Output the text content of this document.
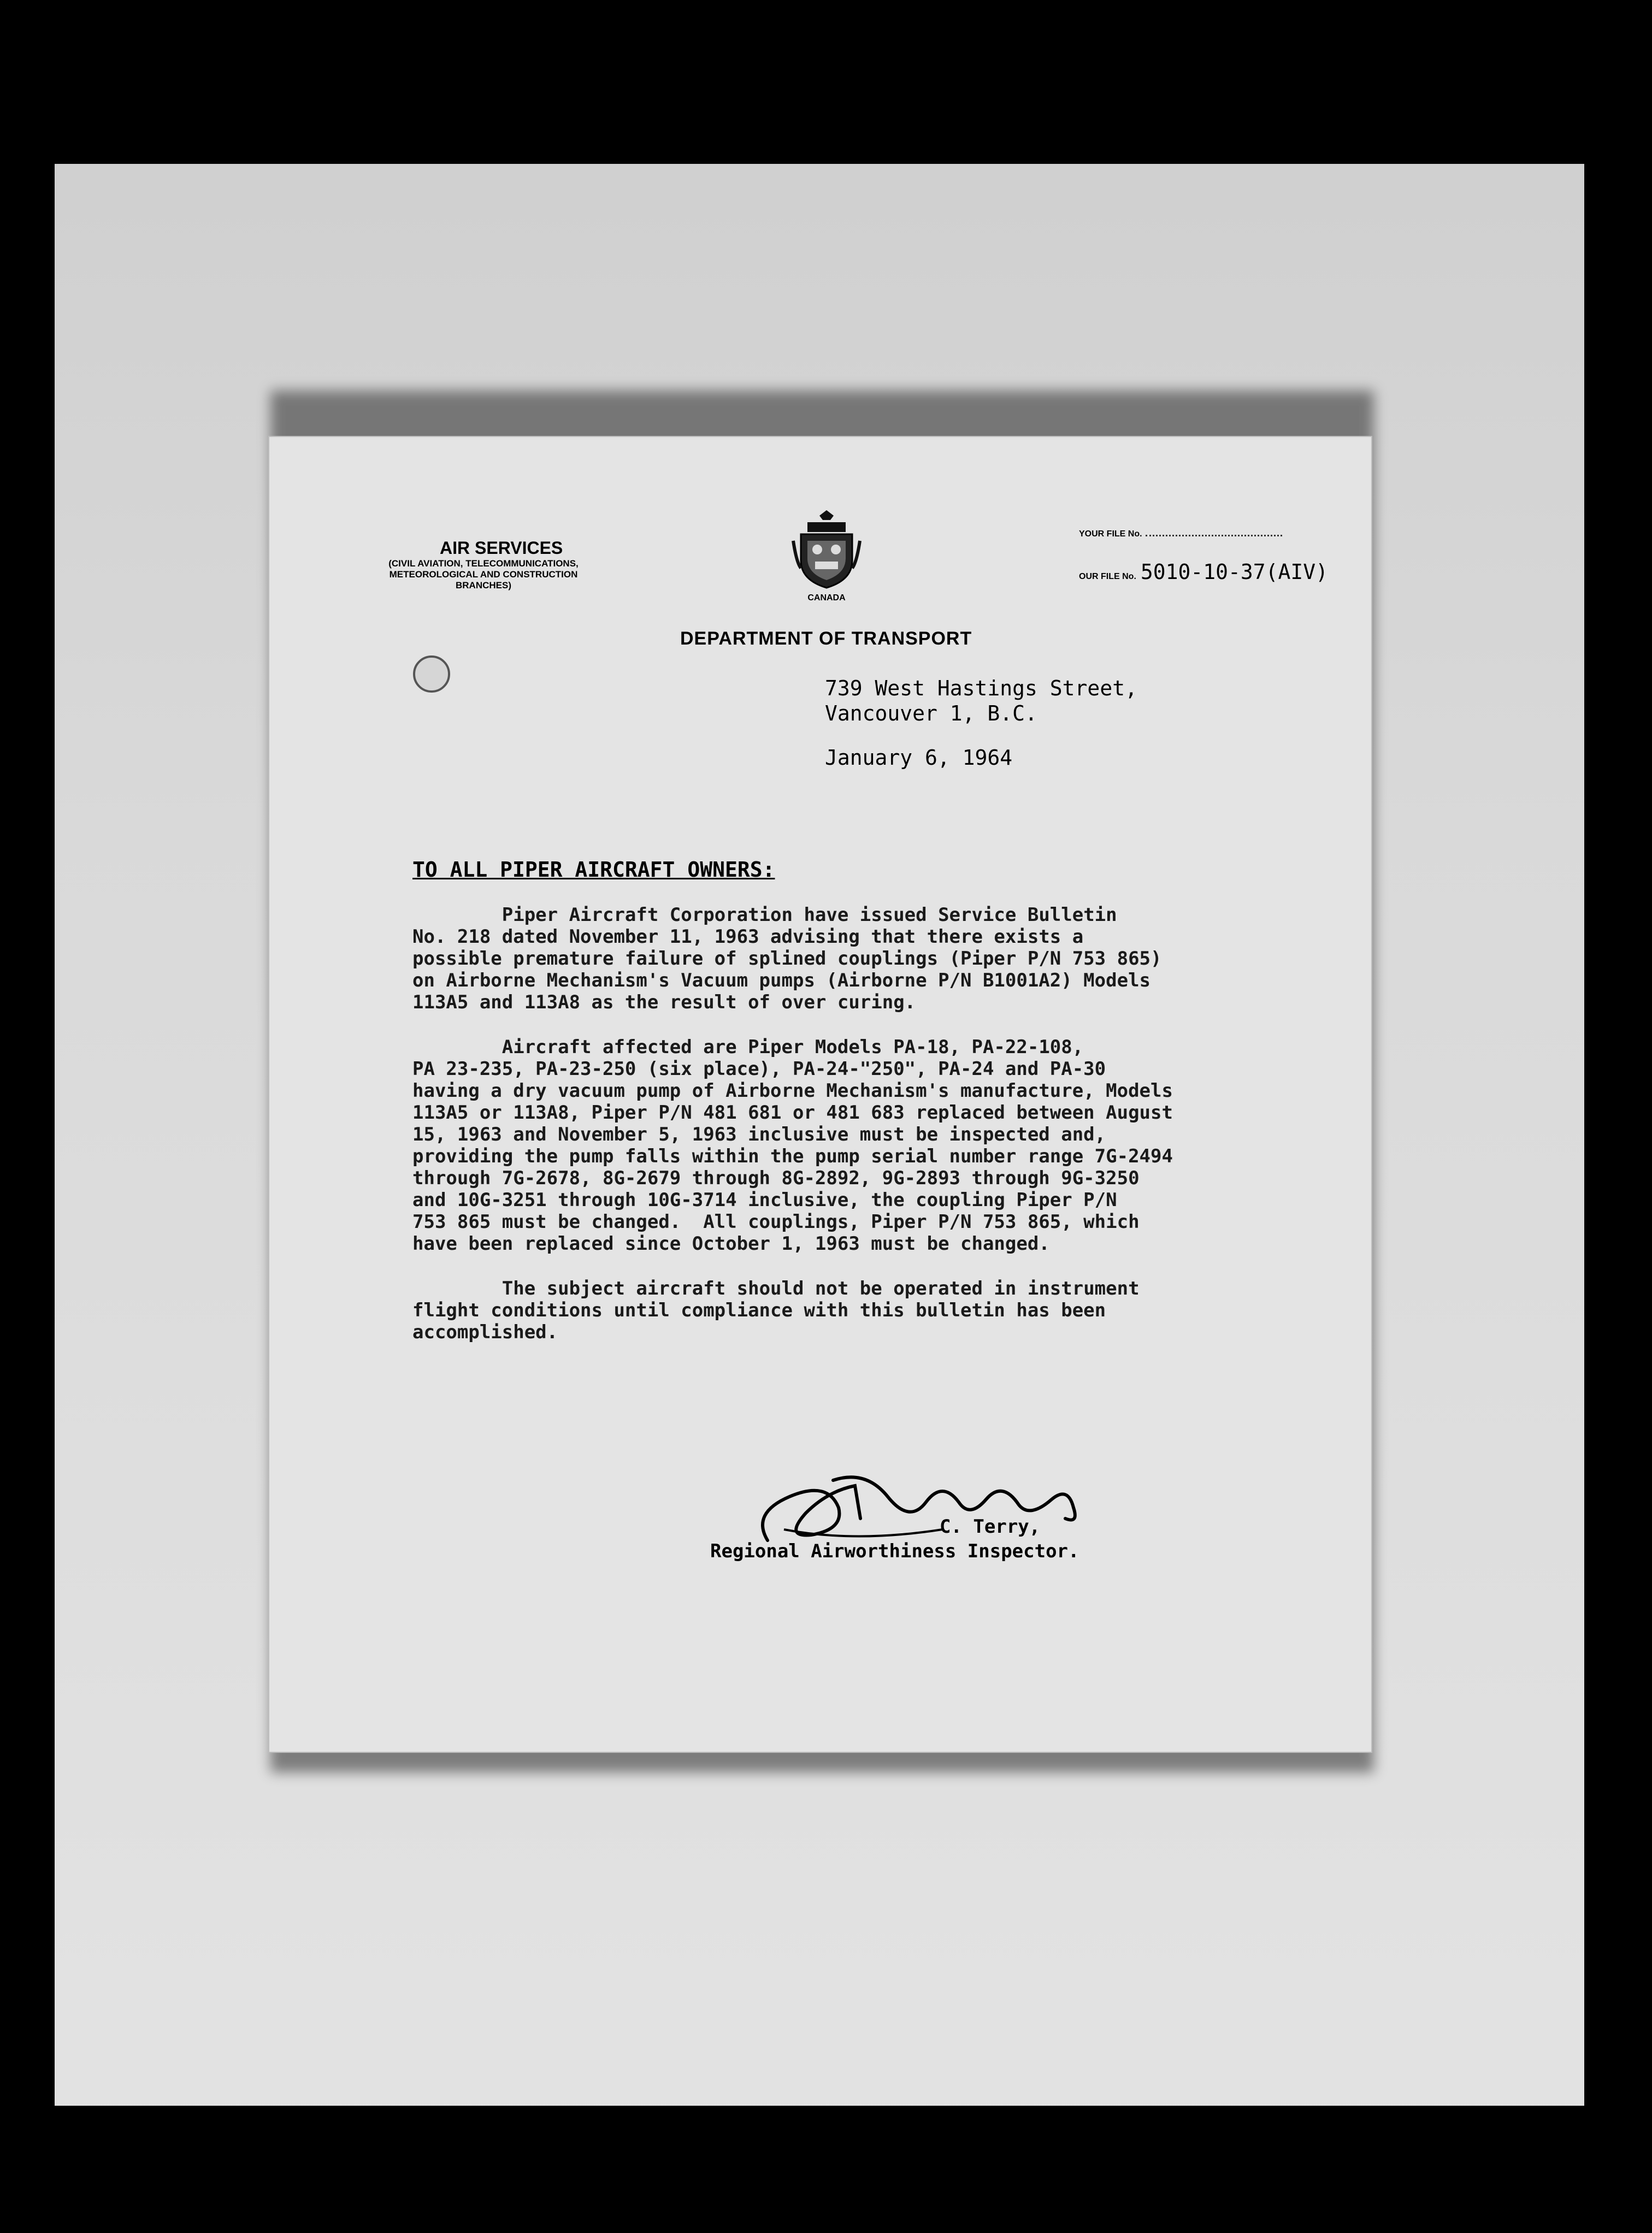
AIR SERVICES
(CIVIL AVIATION, TELECOMMUNICATIONS,
METEOROLOGICAL AND CONSTRUCTION
BRANCHES)
CANADA
YOUR FILE No.
OUR FILE No. 5010-10-37(AIV)
DEPARTMENT OF TRANSPORT
739 West Hastings Street,
Vancouver 1, B.C.
January 6, 1964
TO ALL PIPER AIRCRAFT OWNERS:

Piper Aircraft Corporation have issued Service Bulletin
No. 218 dated November 11, 1963 advising that there exists a
possible premature failure of splined couplings (Piper P/N 753 865)
on Airborne Mechanism's Vacuum pumps (Airborne P/N B1001A2) Models
113A5 and 113A8 as the result of over curing.

Aircraft affected are Piper Models PA-18, PA-22-108,
PA 23-235, PA-23-250 (six place), PA-24-"250", PA-24 and PA-30
having a dry vacuum pump of Airborne Mechanism's manufacture, Models
113A5 or 113A8, Piper P/N 481 681 or 481 683 replaced between August
15, 1963 and November 5, 1963 inclusive must be inspected and,
providing the pump falls within the pump serial number range 7G-2494
through 7G-2678, 8G-2679 through 8G-2892, 9G-2893 through 9G-3250
and 10G-3251 through 10G-3714 inclusive, the coupling Piper P/N
753 865 must be changed.  All couplings, Piper P/N 753 865, which
have been replaced since October 1, 1963 must be changed.

The subject aircraft should not be operated in instrument
flight conditions until compliance with this bulletin has been
accomplished.

C. Terry,
Regional Airworthiness Inspector.
